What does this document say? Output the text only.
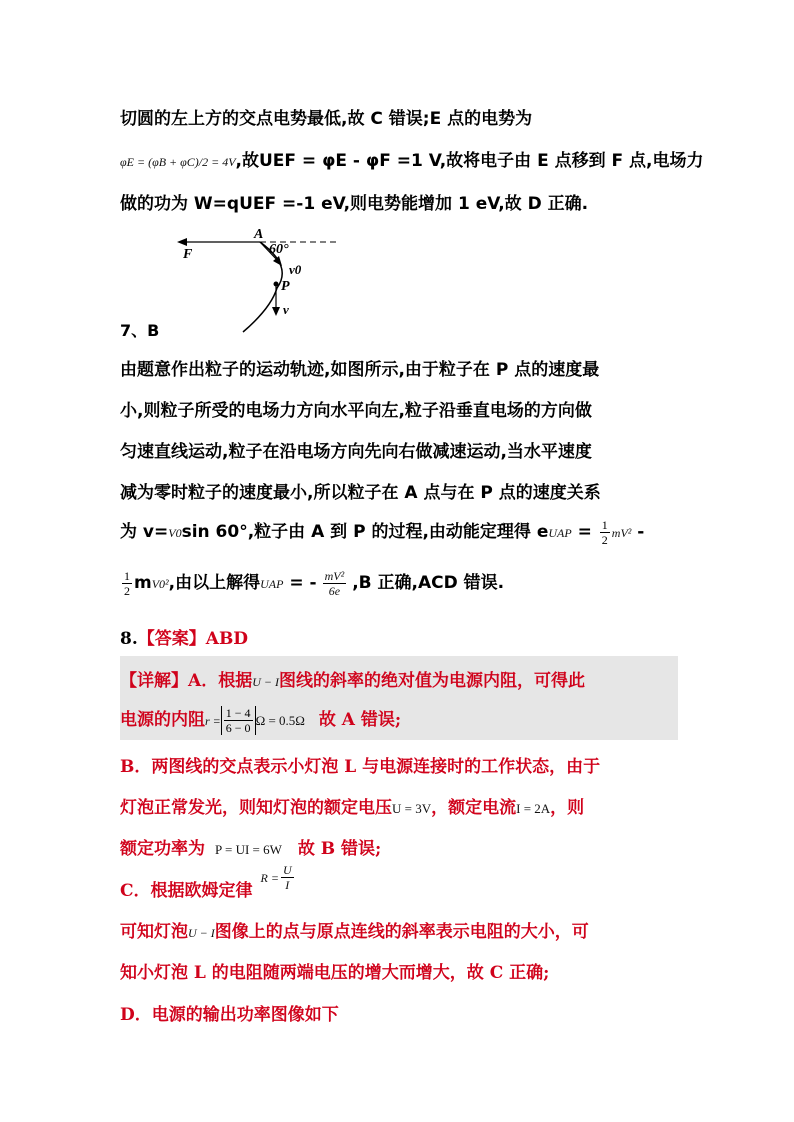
切圆的左上方的交点电势最低,故 C 错误;E 点的电势为
φE = (φB + φC)/2 = 4V,故UEF = φE - φF =1 V,故将电子由 E 点移到 F 点,电场力
做的功为 W=qUEF =-1 eV,则电势能增加 1 eV,故 D 正确.
A
60°
F
v0
P
v
7、B
由题意作出粒子的运动轨迹,如图所示,由于粒子在 P 点的速度最
小,则粒子所受的电场力方向水平向左,粒子沿垂直电场的方向做
匀速直线运动,粒子在沿电场方向先向右做减速运动,当水平速度
减为零时粒子的速度最小,所以粒子在 A 点与在 P 点的速度关系
为 v=V0sin 60°,粒子由 A 到 P 的过程,由动能定理得 eUAP = $\frac{1}{2} mV^2$ -
$\frac{1}{2} mV0^2$,由以上解得UAP = - $\frac{\text{mV²}}{6e} ,B$ 正确,ACD 错误.
8.【答案】ABD
【详解】A．根据U − I图线的斜率的绝对值为电源内阻，可得此
电源的内阻$r = \frac{1 - 4}{6 - 0}$ Ω = 0.5Ω 故 A 错误;
B．两图线的交点表示小灯泡 L 与电源连接时的工作状态，由于
灯泡正常发光，则知灯泡的额定电压U = 3V，额定电流I = 2A，则
额定功率为 P = UI = 6W 故 B 错误;
C．根据欧姆定律$^{R =} \frac{U}{I}$
可知灯泡U − I图像上的点与原点连线的斜率表示电阻的大小，可
知小灯泡 L 的电阻随两端电压的增大而增大，故 C 正确;
D．电源的输出功率图像如下
